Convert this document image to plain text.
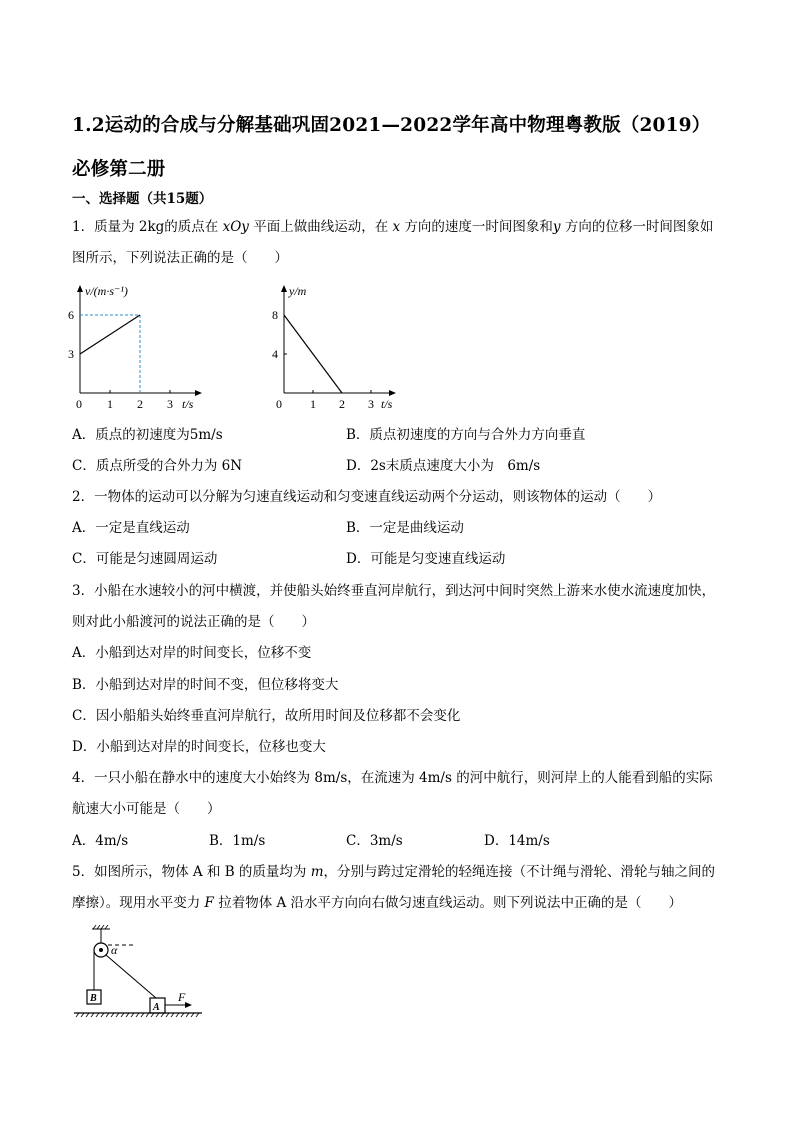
1.2运动的合成与分解基础巩固2021—2022学年高中物理粤教版（2019）
必修第二册
一、选择题（共15题）
1．质量为 2kg的质点在 xOy 平面上做曲线运动，在 x 方向的速度一时间图象和y 方向的位移一时间图象如
图所示，下列说法正确的是（　　）
v/(m·s⁻¹)
t/s
0 1 2 3
3
6
y/m
t/s
0 1 2 3
4
8
A．质点的初速度为5m/s	B．质点初速度的方向与合外力方向垂直
C．质点所受的合外力为 6N	D．2s末质点速度大小为　6m/s
2．一物体的运动可以分解为匀速直线运动和匀变速直线运动两个分运动，则该物体的运动（　　）
A．一定是直线运动	B．一定是曲线运动
C．可能是匀速圆周运动	D．可能是匀变速直线运动
3．小船在水速较小的河中横渡，并使船头始终垂直河岸航行，到达河中间时突然上游来水使水流速度加快，
则对此小船渡河的说法正确的是（　　）
A．小船到达对岸的时间变长，位移不变
B．小船到达对岸的时间不变，但位移将变大
C．因小船船头始终垂直河岸航行，故所用时间及位移都不会变化
D．小船到达对岸的时间变长，位移也变大
4．一只小船在静水中的速度大小始终为 8m/s，在流速为 4m/s 的河中航行，则河岸上的人能看到船的实际
航速大小可能是（　　）
A．4m/s	B．1m/s	C．3m/s	D．14m/s
5．如图所示，物体 A 和 B 的质量均为 m，分别与跨过定滑轮的轻绳连接（不计绳与滑轮、滑轮与轴之间的
摩擦）。现用水平变力 F 拉着物体 A 沿水平方向向右做匀速直线运动。则下列说法中正确的是（　　）
α
B
A
F
